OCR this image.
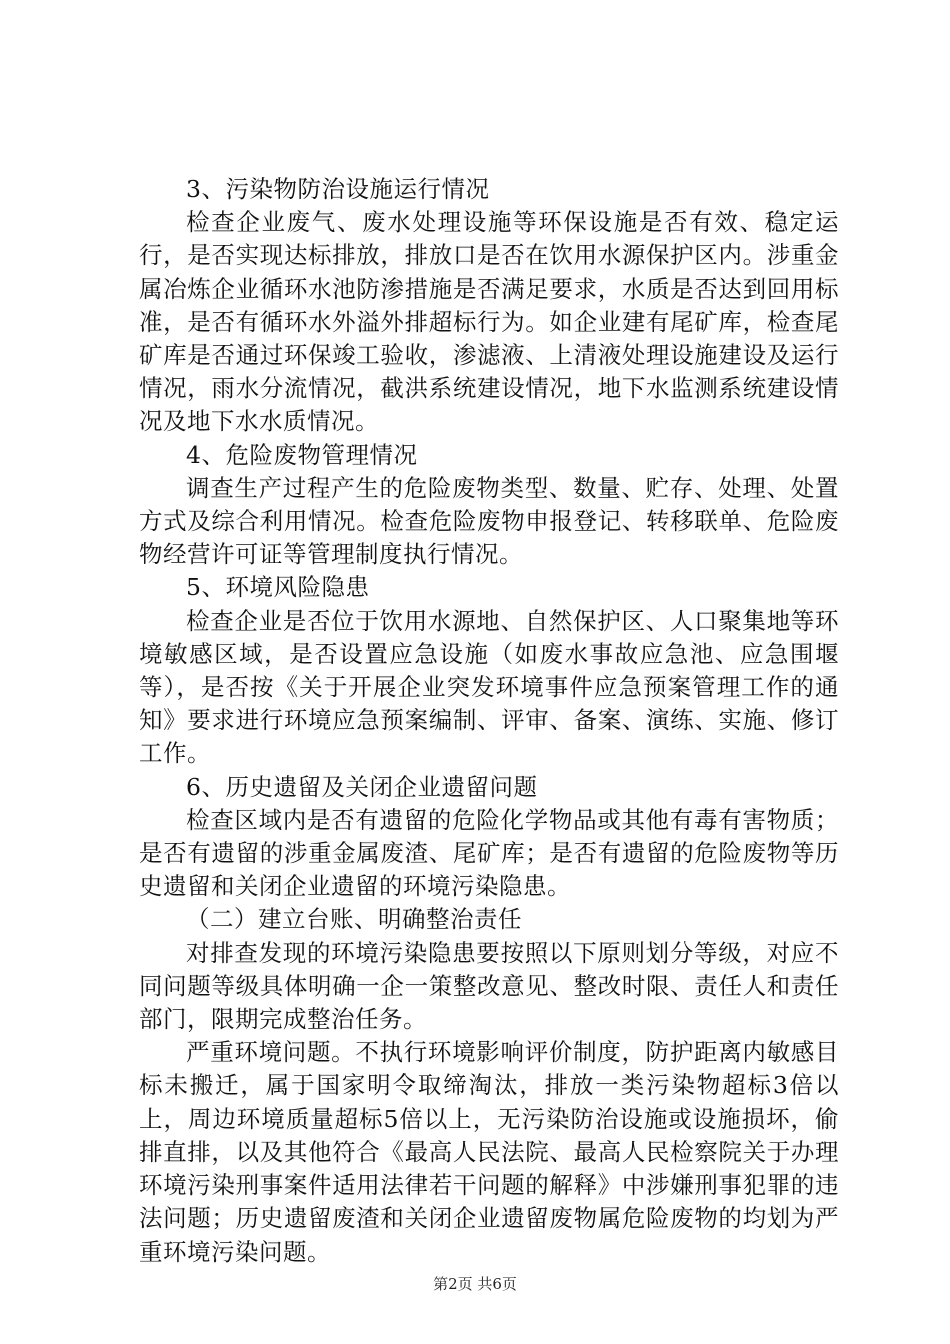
3、污染物防治设施运行情况

检查企业废气、废水处理设施等环保设施是否有效、稳定运行，是否实现达标排放，排放口是否在饮用水源保护区内。涉重金属冶炼企业循环水池防渗措施是否满足要求，水质是否达到回用标准，是否有循环水外溢外排超标行为。如企业建有尾矿库，检查尾矿库是否通过环保竣工验收，渗滤液、上清液处理设施建设及运行情况，雨水分流情况，截洪系统建设情况，地下水监测系统建设情况及地下水水质情况。

4、危险废物管理情况

调查生产过程产生的危险废物类型、数量、贮存、处理、处置方式及综合利用情况。检查危险废物申报登记、转移联单、危险废物经营许可证等管理制度执行情况。

5、环境风险隐患

检查企业是否位于饮用水源地、自然保护区、人口聚集地等环境敏感区域，是否设置应急设施（如废水事故应急池、应急围堰等），是否按《关于开展企业突发环境事件应急预案管理工作的通知》要求进行环境应急预案编制、评审、备案、演练、实施、修订工作。

6、历史遗留及关闭企业遗留问题

检查区域内是否有遗留的危险化学物品或其他有毒有害物质；是否有遗留的涉重金属废渣、尾矿库；是否有遗留的危险废物等历史遗留和关闭企业遗留的环境污染隐患。

（二）建立台账、明确整治责任

对排查发现的环境污染隐患要按照以下原则划分等级，对应不同问题等级具体明确一企一策整改意见、整改时限、责任人和责任部门，限期完成整治任务。

严重环境问题。不执行环境影响评价制度，防护距离内敏感目标未搬迁，属于国家明令取缔淘汰，排放一类污染物超标3倍以上，周边环境质量超标5倍以上，无污染防治设施或设施损坏，偷排直排，以及其他符合《最高人民法院、最高人民检察院关于办理环境污染刑事案件适用法律若干问题的解释》中涉嫌刑事犯罪的违法问题；历史遗留废渣和关闭企业遗留废物属危险废物的均划为严重环境污染问题。

第2页 共6页
